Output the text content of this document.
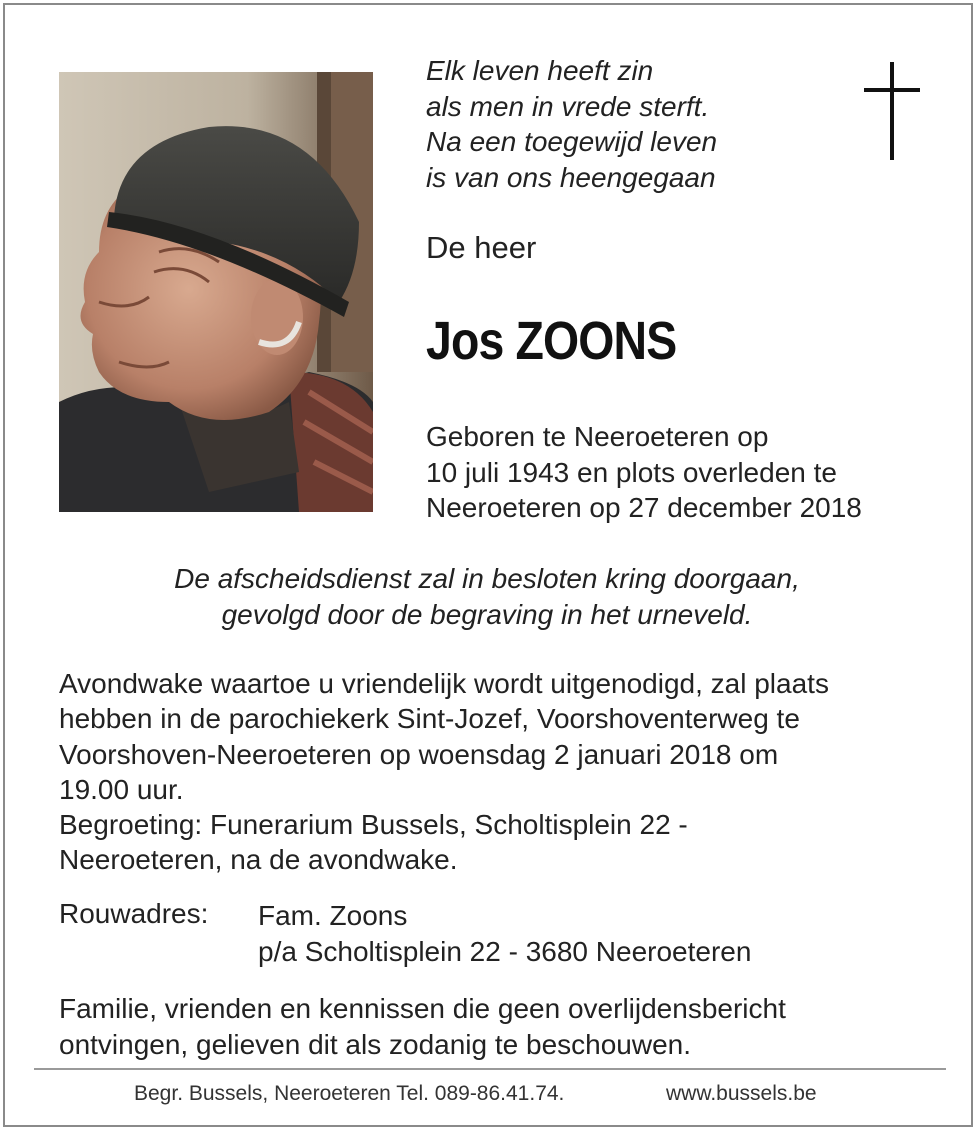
Elk leven heeft zin
als men in vrede sterft.
Na een toegewijd leven
is van ons heengegaan
De heer
Jos ZOONS
Geboren te Neeroeteren op
10 juli 1943 en plots overleden te
Neeroeteren op 27 december 2018
De afscheidsdienst zal in besloten kring doorgaan,
gevolgd door de begraving in het urneveld.
Avondwake waartoe u vriendelijk wordt uitgenodigd, zal plaats
hebben in de parochiekerk Sint-Jozef, Voorshoventerweg te
Voorshoven-Neeroeteren op woensdag 2 januari 2018 om
19.00 uur.
Begroeting: Funerarium Bussels, Scholtisplein 22 -
Neeroeteren, na de avondwake.
Rouwadres: Fam. Zoons
p/a Scholtisplein 22 - 3680 Neeroeteren
Familie, vrienden en kennissen die geen overlijdensbericht
ontvingen, gelieven dit als zodanig te beschouwen.
Begr. Bussels, Neeroeteren Tel. 089-86.41.74.	www.bussels.be
